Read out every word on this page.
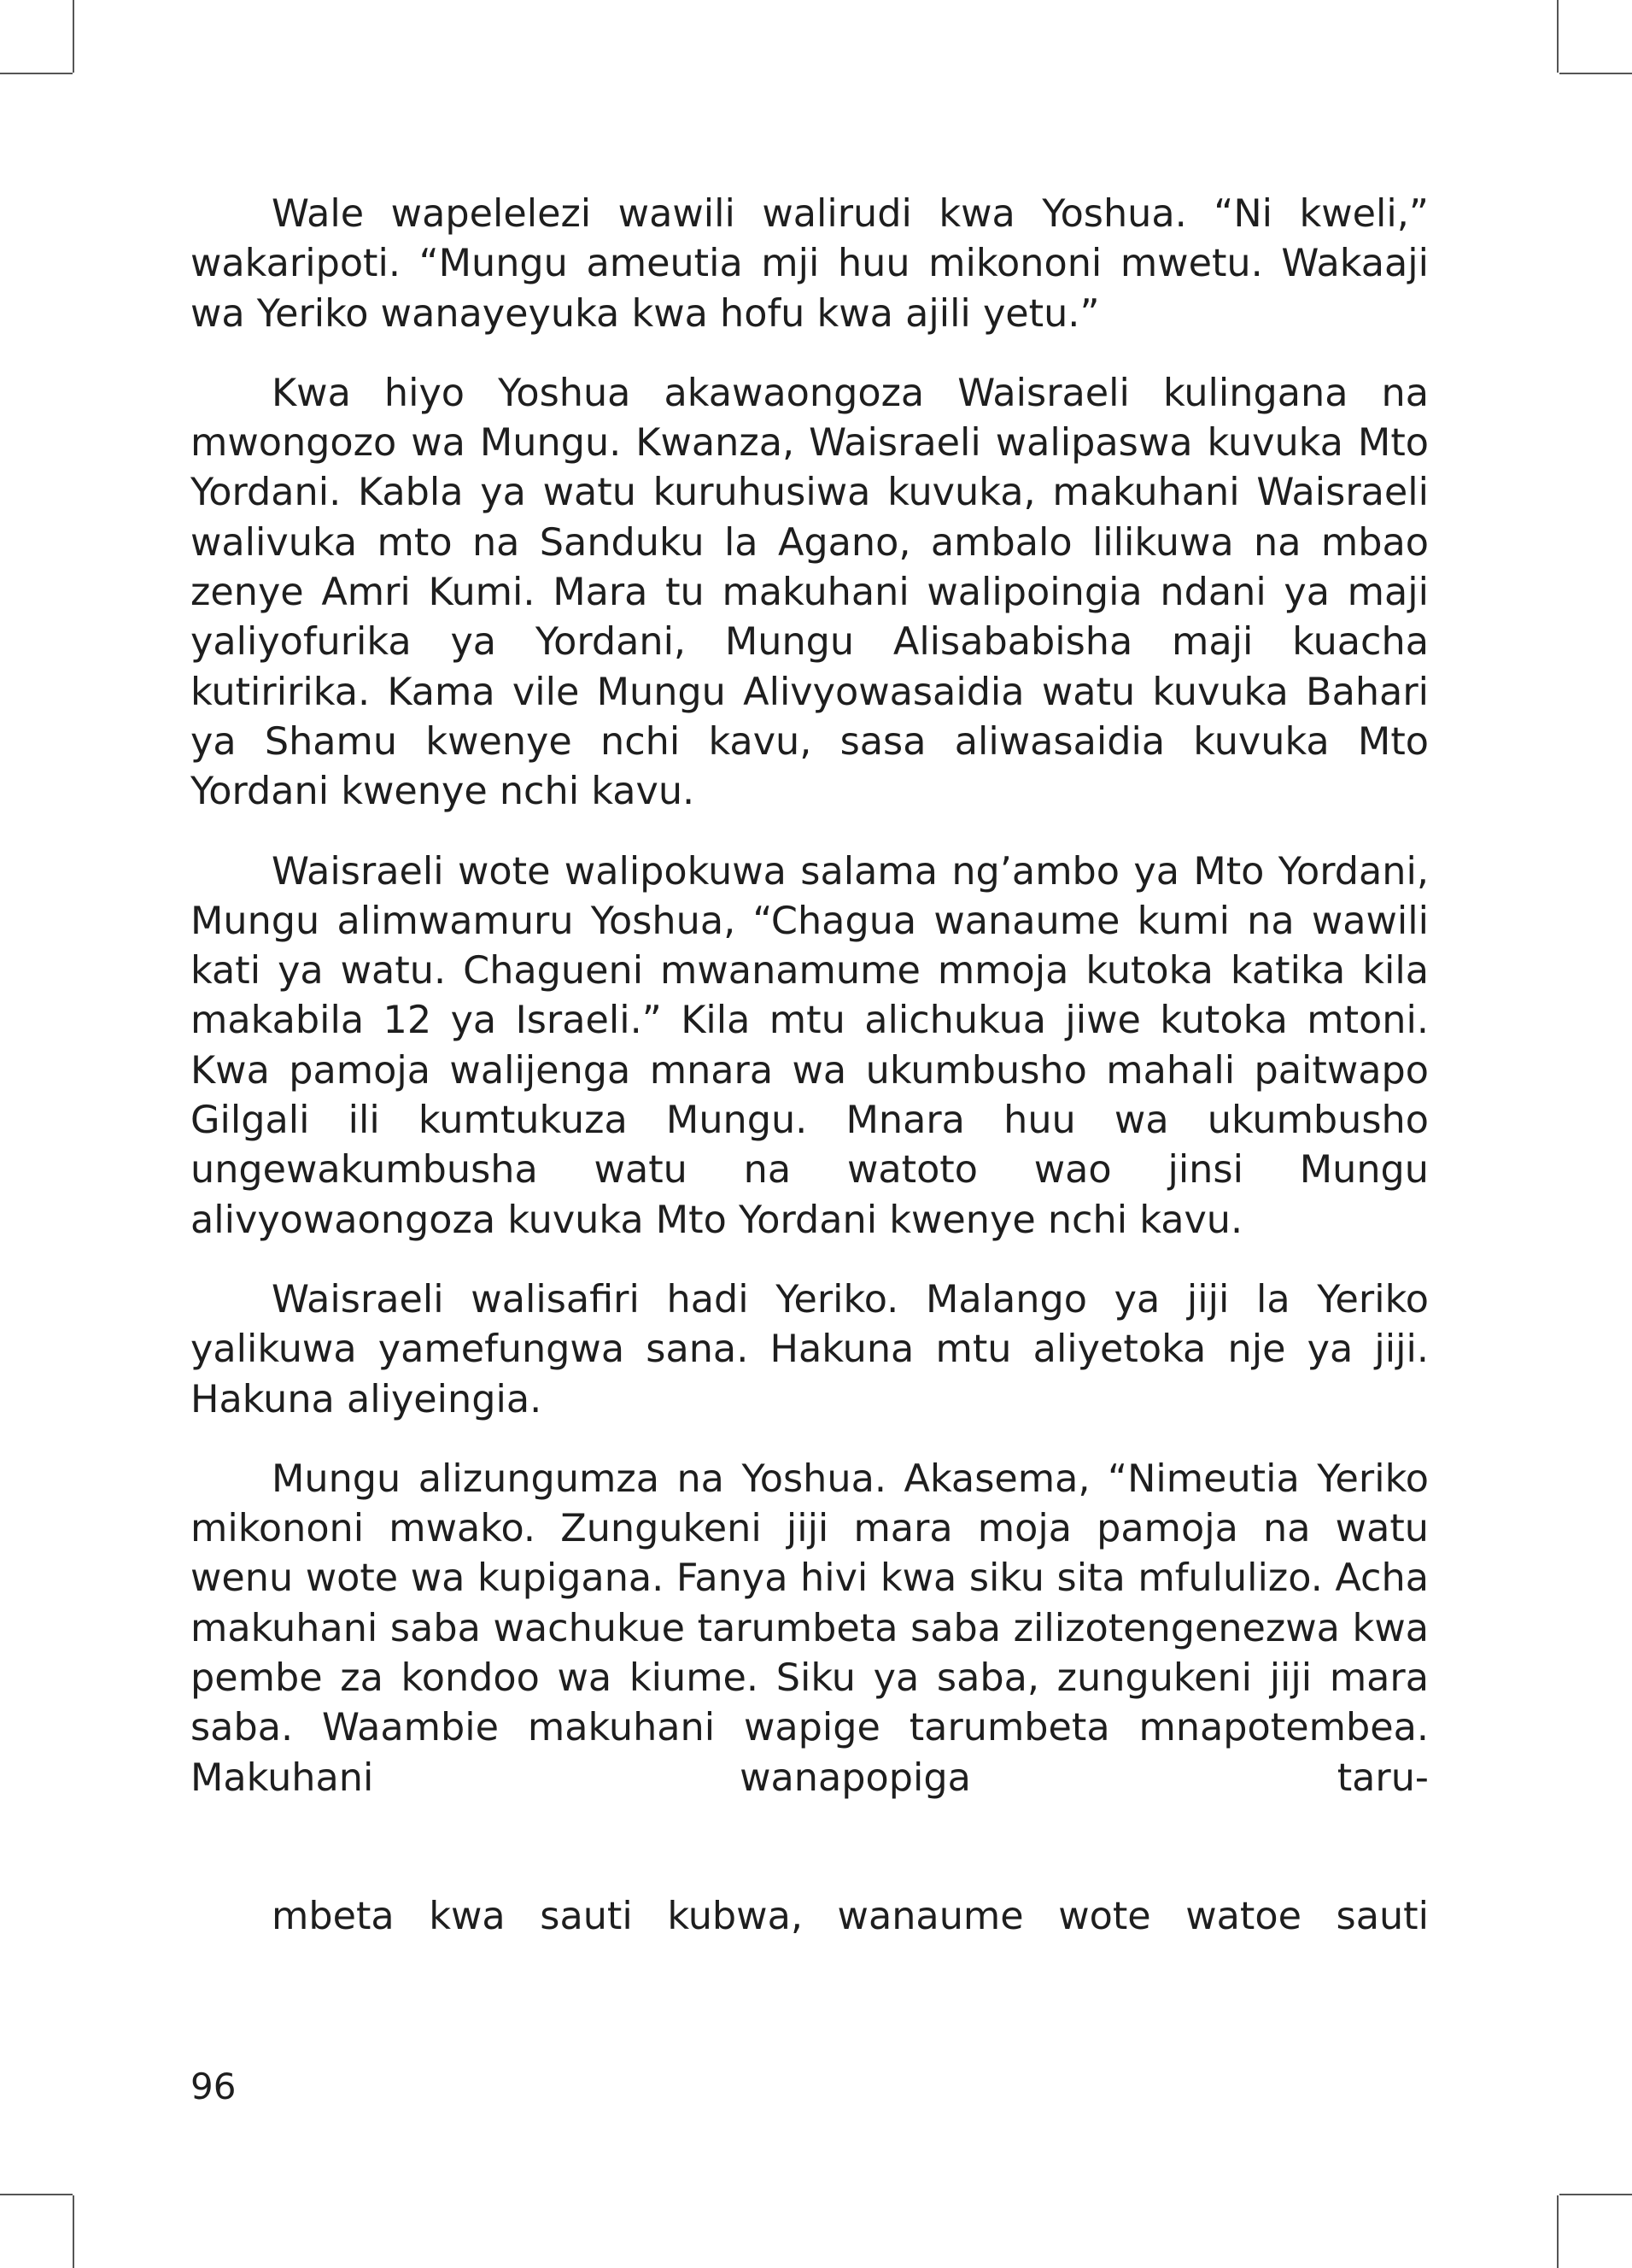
Wale wapelelezi wawili walirudi kwa Yoshua. “Ni kweli,” wakaripoti. “Mungu ameutia mji huu mikononi mwetu. Wakaaji wa Yeriko wanayeyuka kwa hofu kwa ajili yetu.”

Kwa hiyo Yoshua akawaongoza Waisraeli kulingana na mwongozo wa Mungu. Kwanza, Waisraeli walipaswa kuvuka Mto Yordani. Kabla ya watu kuruhusiwa kuvuka, makuhani Waisraeli walivuka mto na Sanduku la Agano, ambalo lilikuwa na mbao zenye Amri Kumi. Mara tu makuhani walipoingia ndani ya maji yaliyofurika ya Yordani, Mungu Alisababisha maji kuacha kutiririka. Kama vile Mungu Alivyowasaidia watu kuvuka Bahari ya Shamu kwenye nchi kavu, sasa aliwasaidia kuvuka Mto Yordani kwenye nchi kavu.

Waisraeli wote walipokuwa salama ng’ambo ya Mto Yordani, Mungu alimwamuru Yoshua, “Chagua wanaume kumi na wawili kati ya watu. Chagueni mwanamume mmoja kutoka katika kila makabila 12 ya Israeli.” Kila mtu alichukua jiwe kutoka mtoni. Kwa pamoja walijenga mnara wa ukumbusho mahali paitwapo Gilgali ili kumtukuza Mungu. Mnara huu wa ukumbusho ungewakumbusha watu na watoto wao jinsi Mungu alivyowaongoza kuvuka Mto Yordani kwenye nchi kavu.

Waisraeli walisafiri hadi Yeriko. Malango ya jiji la Yeriko yalikuwa yamefungwa sana. Hakuna mtu aliyetoka nje ya jiji. Hakuna aliyeingia.

Mungu alizungumza na Yoshua. Akasema, “Nimeutia Yeriko mikononi mwako. Zungukeni jiji mara moja pamoja na watu wenu wote wa kupigana. Fanya hivi kwa siku sita mfululizo. Acha makuhani saba wachukue tarumbeta saba zilizotengenezwa kwa pembe za kondoo wa kiume. Siku ya saba, zungukeni jiji mara saba. Waambie makuhani wapige tarumbeta mnapotembea. Makuhani wanapopiga taru-

mbeta kwa sauti kubwa, wanaume wote watoe sauti

96
